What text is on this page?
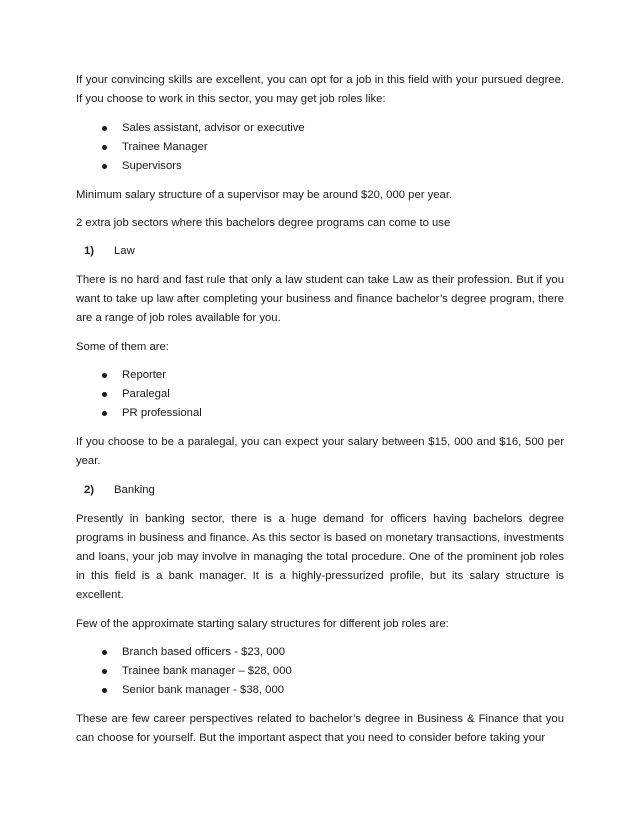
If your convincing skills are excellent, you can opt for a job in this field with your pursued degree. If you choose to work in this sector, you may get job roles like:

Sales assistant, advisor or executive
Trainee Manager
Supervisors

Minimum salary structure of a supervisor may be around $20, 000 per year.

2 extra job sectors where this bachelors degree programs can come to use

1) Law

There is no hard and fast rule that only a law student can take Law as their profession. But if you want to take up law after completing your business and finance bachelor’s degree program, there are a range of job roles available for you.

Some of them are:

Reporter
Paralegal
PR professional

If you choose to be a paralegal, you can expect your salary between $15, 000 and $16, 500 per year.

2) Banking

Presently in banking sector, there is a huge demand for officers having bachelors degree programs in business and finance. As this sector is based on monetary transactions, investments and loans, your job may involve in managing the total procedure. One of the prominent job roles in this field is a bank manager. It is a highly-pressurized profile, but its salary structure is excellent.

Few of the approximate starting salary structures for different job roles are:

Branch based officers - $23, 000
Trainee bank manager – $28, 000
Senior bank manager - $38, 000

These are few career perspectives related to bachelor’s degree in Business & Finance that you can choose for yourself. But the important aspect that you need to consider before taking your
